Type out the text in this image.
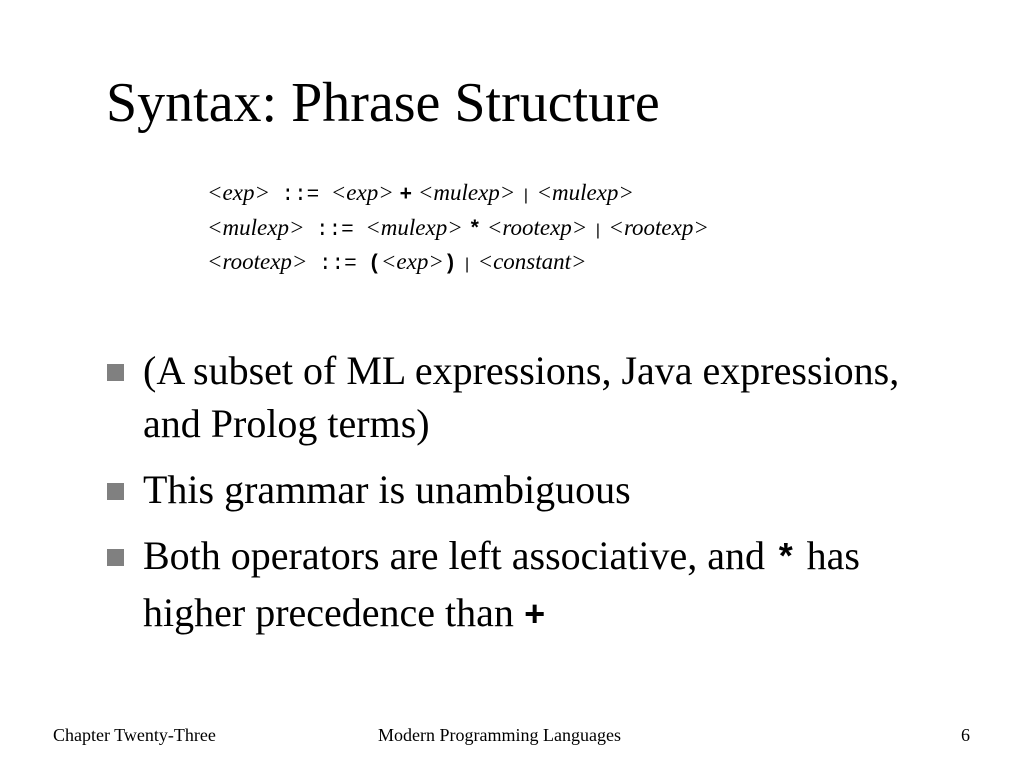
Syntax: Phrase Structure
<exp> ::= <exp> + <mulexp> | <mulexp>
<mulexp> ::= <mulexp> * <rootexp> | <rootexp>
<rootexp> ::= (<exp>) | <constant>
(A subset of ML expressions, Java expressions, and Prolog terms)
This grammar is unambiguous
Both operators are left associative, and * has higher precedence than +
Chapter Twenty-Three	Modern Programming Languages	6
